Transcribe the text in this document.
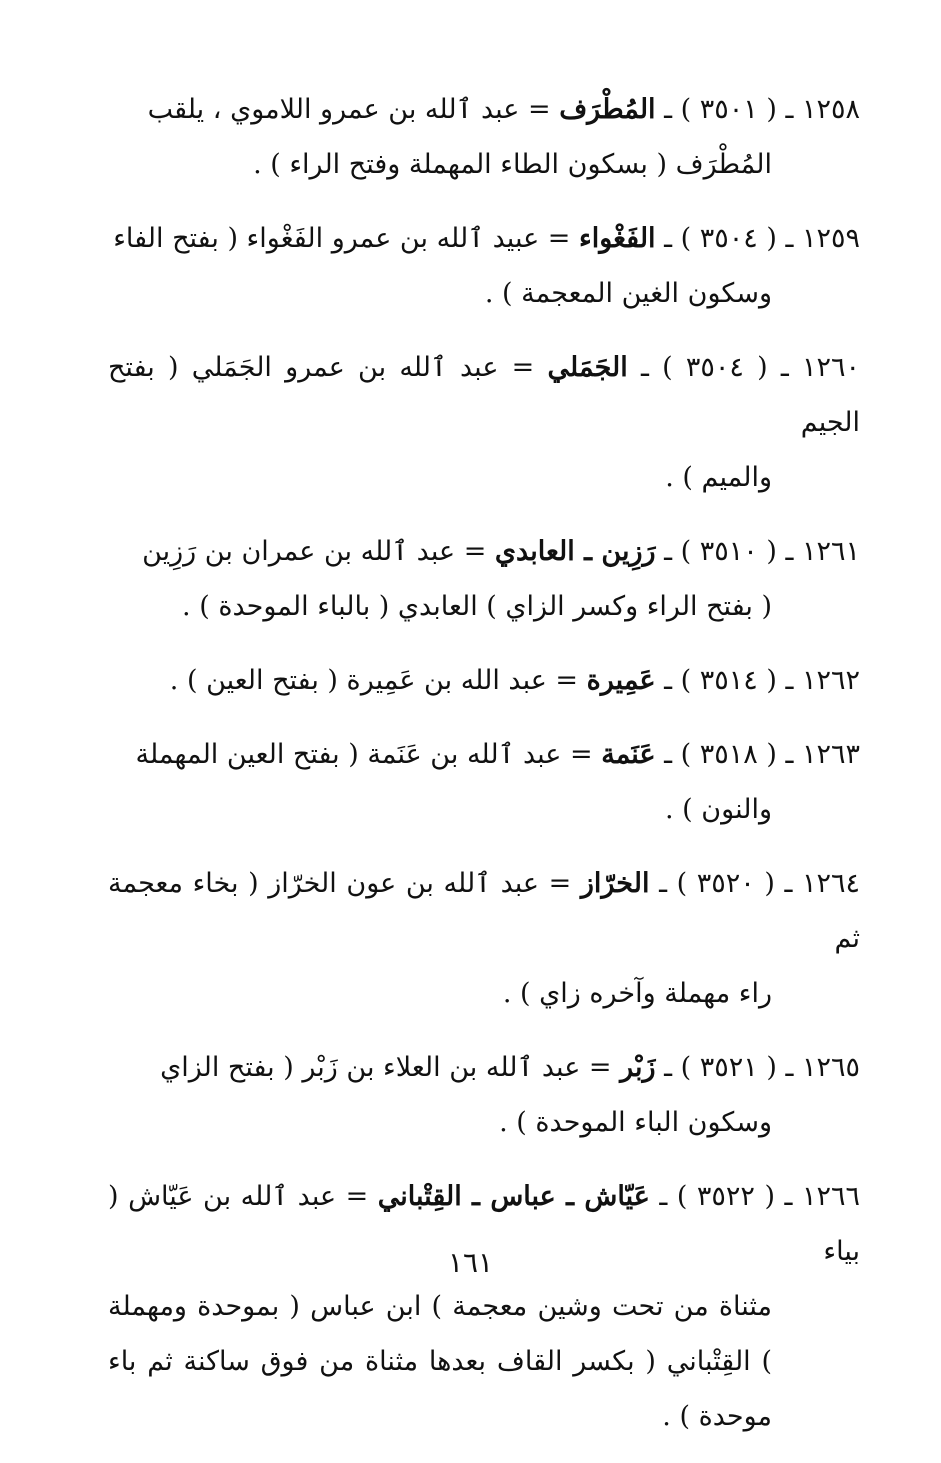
١٢٥٨ ـ ( ٣٥٠١ ) ـ المُطْرَف = عبد ٱلله بن عمرو اللاموي ، يلقب
المُطْرَف ( بسكون الطاء المهملة وفتح الراء ) .
١٢٥٩ ـ ( ٣٥٠٤ ) ـ الفَغْواء = عبيد ٱلله بن عمرو الفَغْواء ( بفتح الفاء
وسكون الغين المعجمة ) .
١٢٦٠ ـ ( ٣٥٠٤ ) ـ الجَمَلي = عبد ٱلله بن عمرو الجَمَلي ( بفتح الجيم
والميم ) .
١٢٦١ ـ ( ٣٥١٠ ) ـ رَزِين ـ العابدي = عبد ٱلله بن عمران بن رَزِين
( بفتح الراء وكسر الزاي ) العابدي ( بالباء الموحدة ) .
١٢٦٢ ـ ( ٣٥١٤ ) ـ عَمِيرة = عبد الله بن عَمِيرة ( بفتح العين ) .
١٢٦٣ ـ ( ٣٥١٨ ) ـ عَنَمة = عبد ٱلله بن عَنَمة ( بفتح العين المهملة
والنون ) .
١٢٦٤ ـ ( ٣٥٢٠ ) ـ الخرّاز = عبد ٱلله بن عون الخرّاز ( بخاء معجمة ثم
راء مهملة وآخره زاي ) .
١٢٦٥ ـ ( ٣٥٢١ ) ـ زَبْر = عبد ٱلله بن العلاء بن زَبْر ( بفتح الزاي
وسكون الباء الموحدة ) .
١٢٦٦ ـ ( ٣٥٢٢ ) ـ عَيّاش ـ عباس ـ القِتْباني = عبد ٱلله بن عَيّاش ( بياء
مثناة من تحت وشين معجمة ) ابن عباس ( بموحدة ومهملة ) القِتْباني ( بكسر القاف بعدها مثناة من فوق ساكنة ثم باء موحدة ) .
١٦١
